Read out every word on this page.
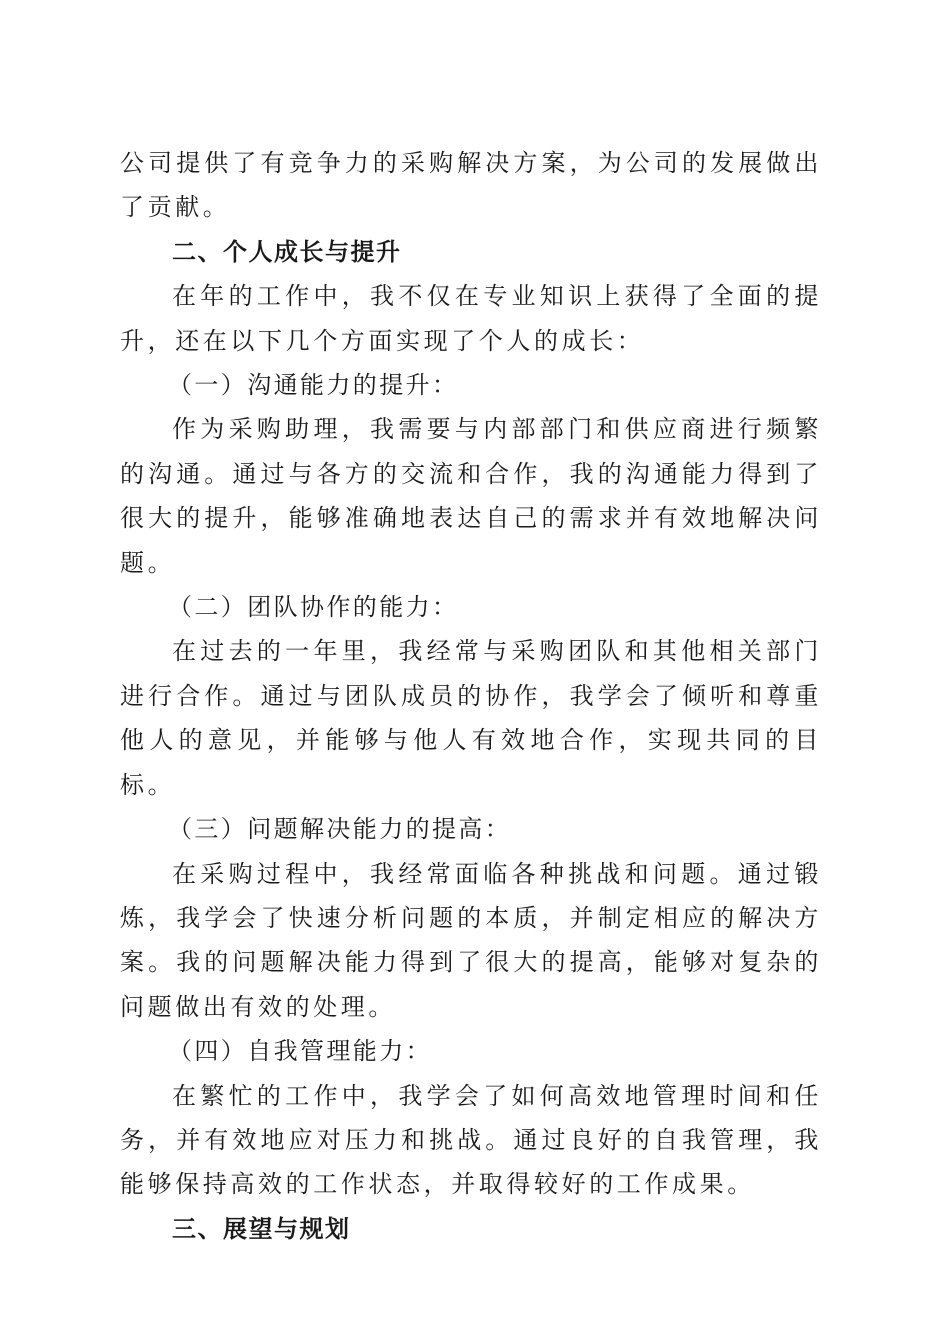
公司提供了有竞争力的采购解决方案，为公司的发展做出了贡献。

二、个人成长与提升

在年的工作中，我不仅在专业知识上获得了全面的提升，还在以下几个方面实现了个人的成长：

（一）沟通能力的提升：

作为采购助理，我需要与内部部门和供应商进行频繁的沟通。通过与各方的交流和合作，我的沟通能力得到了很大的提升，能够准确地表达自己的需求并有效地解决问题。

（二）团队协作的能力：

在过去的一年里，我经常与采购团队和其他相关部门进行合作。通过与团队成员的协作，我学会了倾听和尊重他人的意见，并能够与他人有效地合作，实现共同的目标。

（三）问题解决能力的提高：

在采购过程中，我经常面临各种挑战和问题。通过锻炼，我学会了快速分析问题的本质，并制定相应的解决方案。我的问题解决能力得到了很大的提高，能够对复杂的问题做出有效的处理。

（四）自我管理能力：

在繁忙的工作中，我学会了如何高效地管理时间和任务，并有效地应对压力和挑战。通过良好的自我管理，我能够保持高效的工作状态，并取得较好的工作成果。

三、展望与规划
